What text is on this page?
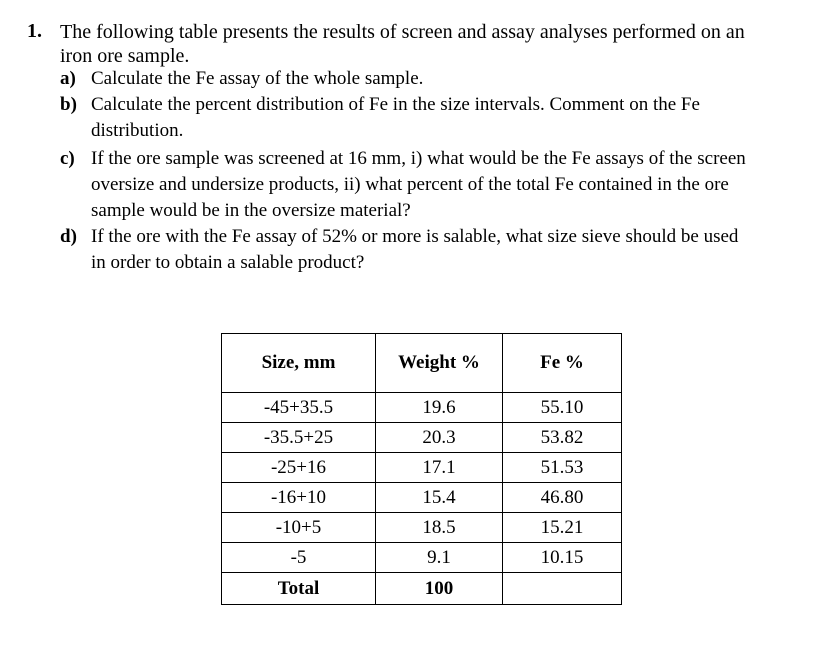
1. The following table presents the results of screen and assay analyses performed on an
iron ore sample.
a) Calculate the Fe assay of the whole sample.
b) Calculate the percent distribution of Fe in the size intervals. Comment on the Fe
distribution.
c) If the ore sample was screened at 16 mm, i) what would be the Fe assays of the screen
oversize and undersize products, ii) what percent of the total Fe contained in the ore
sample would be in the oversize material?
d) If the ore with the Fe assay of 52% or more is salable, what size sieve should be used
in order to obtain a salable product?
Size, mm	Weight %	Fe %
-45+35.5	19.6	55.10
-35.5+25	20.3	53.82
-25+16	17.1	51.53
-16+10	15.4	46.80
-10+5	18.5	15.21
-5	9.1	10.15
Total	100	
